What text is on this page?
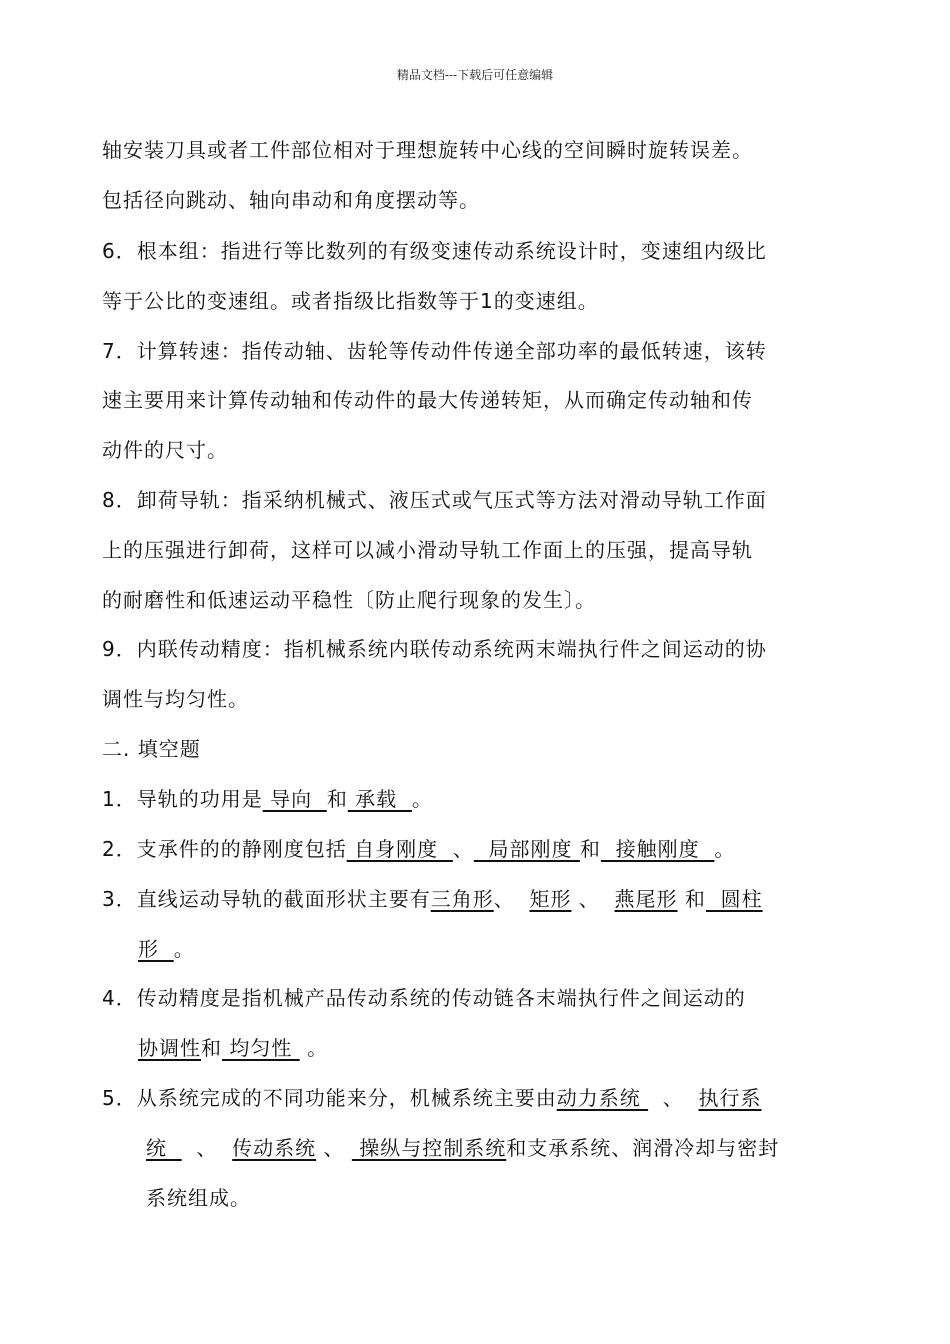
精品文档---下载后可任意编辑
轴安装刀具或者工件部位相对于理想旋转中心线的空间瞬时旋转误差。
包括径向跳动、轴向串动和角度摆动等。
6．根本组：指进行等比数列的有级变速传动系统设计时，变速组内级比
等于公比的变速组。或者指级比指数等于1的变速组。
7．计算转速：指传动轴、齿轮等传动件传递全部功率的最低转速，该转
速主要用来计算传动轴和传动件的最大传递转矩，从而确定传动轴和传
动件的尺寸。
8．卸荷导轨：指采纳机械式、液压式或气压式等方法对滑动导轨工作面
上的压强进行卸荷，这样可以减小滑动导轨工作面上的压强，提高导轨
的耐磨性和低速运动平稳性〔防止爬行现象的发生〕。
9．内联传动精度：指机械系统内联传动系统两末端执行件之间运动的协
调性与均匀性。
二. 填空题
1．导轨的功用是 导向  和 承载  。
2．支承件的的静刚度包括 自身刚度  、  局部刚度 和  接触刚度  。
3．直线运动导轨的截面形状主要有三角形、  矩形 、  燕尾形 和  圆柱
形  。
4．传动精度是指机械产品传动系统的传动链各末端执行件之间运动的
协调性和 均匀性  。
5．从系统完成的不同功能来分，机械系统主要由动力系统   、  执行系
统    、  传动系统 、  操纵与控制系统和支承系统、润滑冷却与密封
系统组成。
